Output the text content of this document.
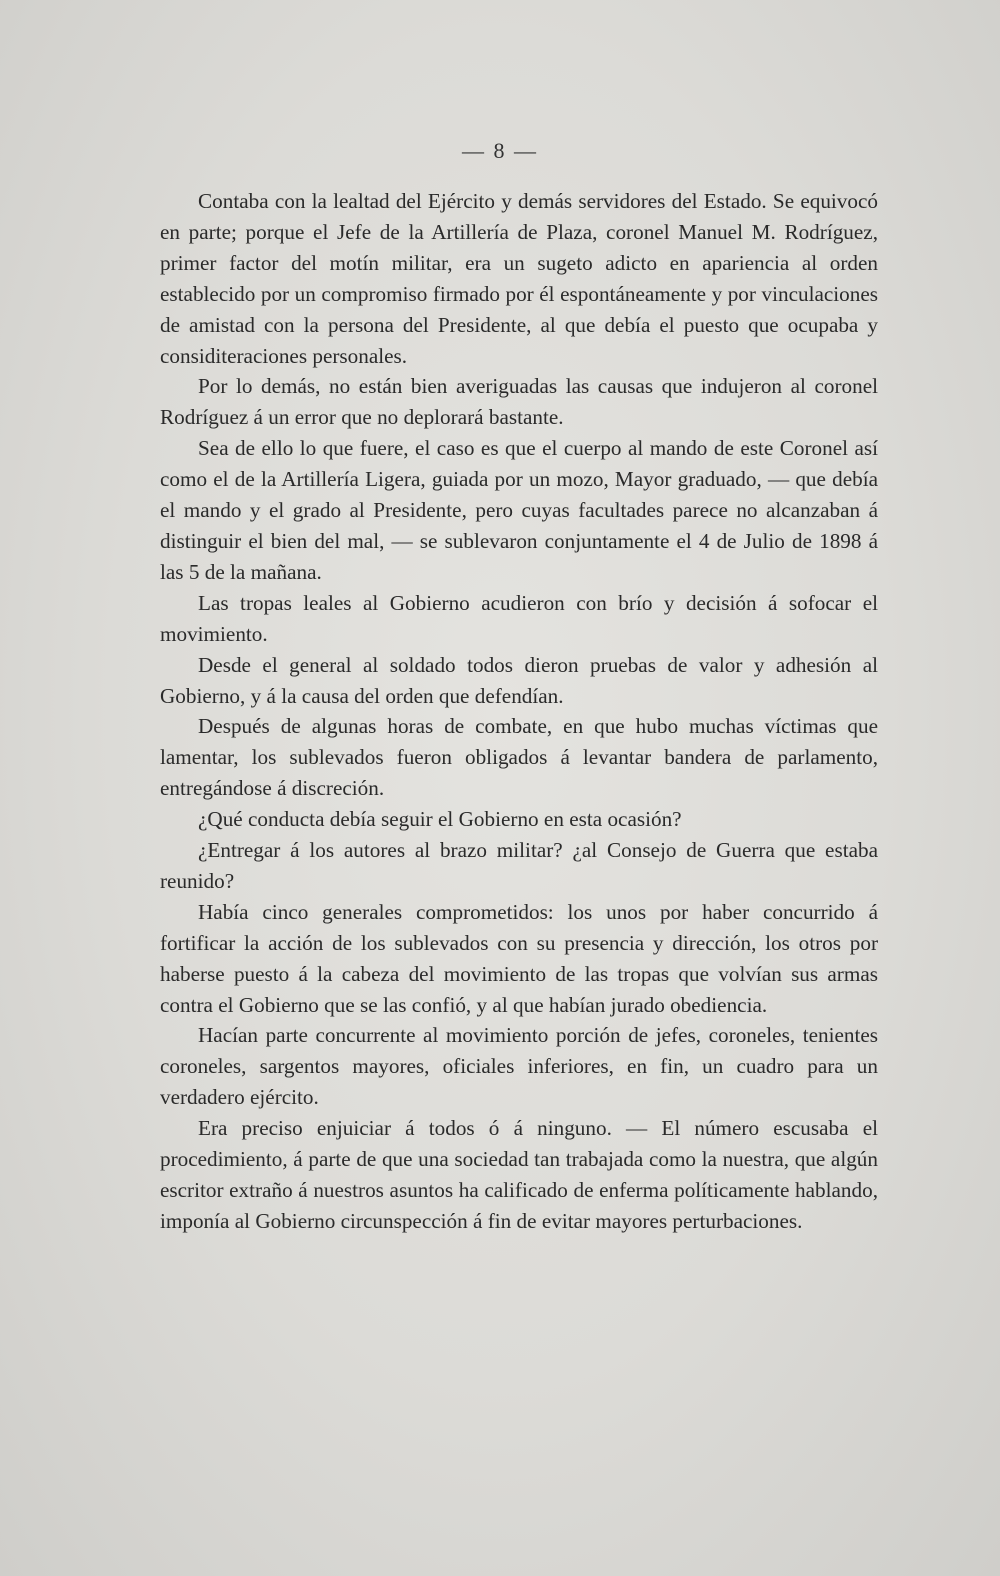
— 8 —

Contaba con la lealtad del Ejército y demás servidores del Estado. Se equivocó en parte; porque el Jefe de la Artillería de Plaza, coronel Manuel M. Rodríguez, primer factor del motín militar, era un sugeto adicto en apariencia al orden establecido por un compromiso firmado por él espontáneamente y por vinculaciones de amistad con la persona del Presidente, al que debía el puesto que ocupaba y considiteraciones personales.

Por lo demás, no están bien averiguadas las causas que indujeron al coronel Rodríguez á un error que no deplorará bastante.

Sea de ello lo que fuere, el caso es que el cuerpo al mando de este Coronel así como el de la Artillería Ligera, guiada por un mozo, Mayor graduado, — que debía el mando y el grado al Presidente, pero cuyas facultades parece no alcanzaban á distinguir el bien del mal, — se sublevaron conjuntamente el 4 de Julio de 1898 á las 5 de la mañana.

Las tropas leales al Gobierno acudieron con brío y decisión á sofocar el movimiento.

Desde el general al soldado todos dieron pruebas de valor y adhesión al Gobierno, y á la causa del orden que defendían.

Después de algunas horas de combate, en que hubo muchas víctimas que lamentar, los sublevados fueron obligados á levantar bandera de parlamento, entregándose á discreción.

¿Qué conducta debía seguir el Gobierno en esta ocasión?

¿Entregar á los autores al brazo militar? ¿al Consejo de Guerra que estaba reunido?

Había cinco generales comprometidos: los unos por haber concurrido á fortificar la acción de los sublevados con su presencia y dirección, los otros por haberse puesto á la cabeza del movimiento de las tropas que volvían sus armas contra el Gobierno que se las confió, y al que habían jurado obediencia.

Hacían parte concurrente al movimiento porción de jefes, coroneles, tenientes coroneles, sargentos mayores, oficiales inferiores, en fin, un cuadro para un verdadero ejército.

Era preciso enjuiciar á todos ó á ninguno. — El número escusaba el procedimiento, á parte de que una sociedad tan trabajada como la nuestra, que algún escritor extraño á nuestros asuntos ha calificado de enferma políticamente hablando, imponía al Gobierno circunspección á fin de evitar mayores perturbaciones.
